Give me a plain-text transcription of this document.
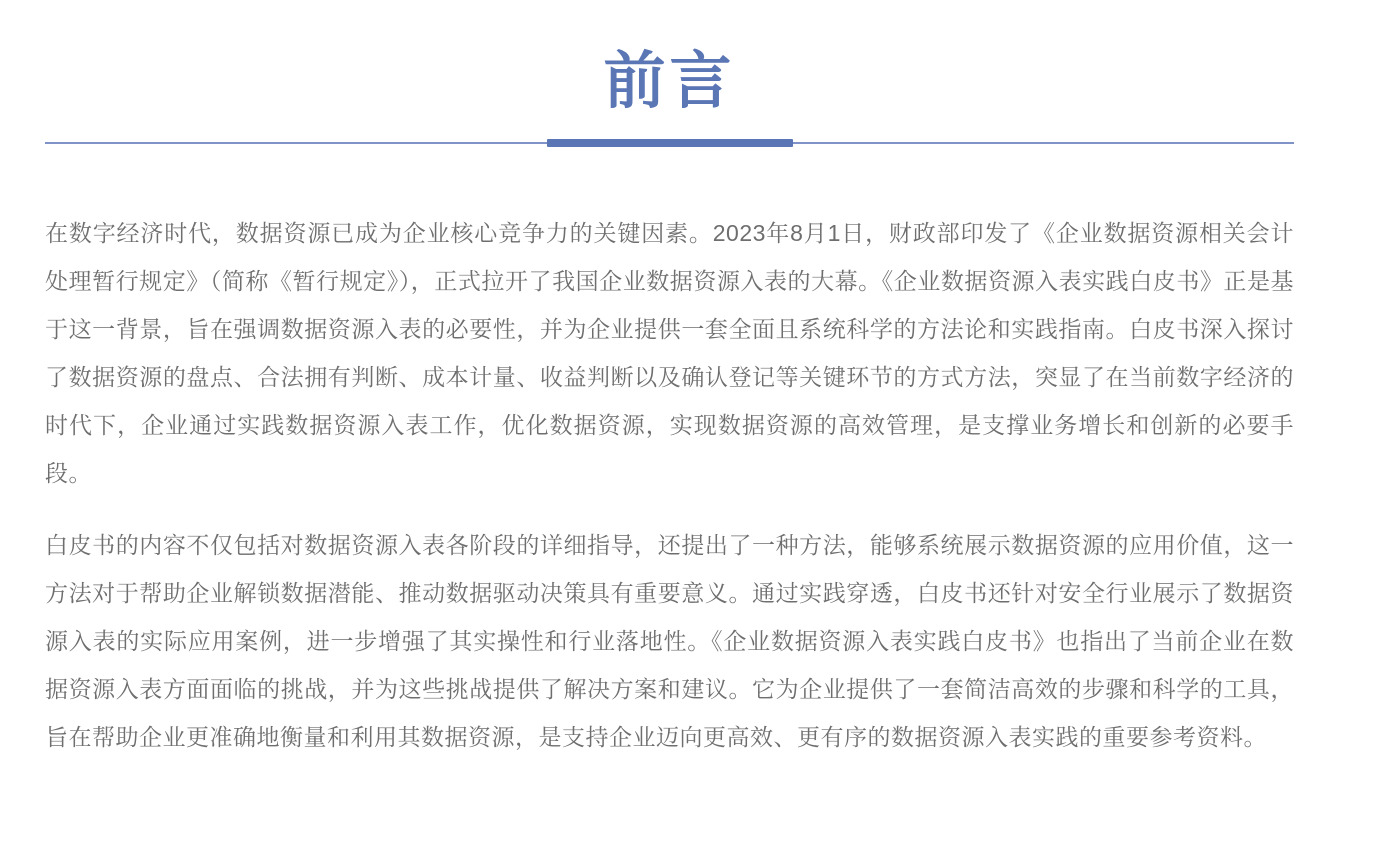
前言

在数字经济时代，数据资源已成为企业核心竞争力的关键因素。2023年8月1日，财政部印发了《企业数据资源相关会计处理暂行规定》（简称《暂行规定》），正式拉开了我国企业数据资源入表的大幕。《企业数据资源入表实践白皮书》正是基于这一背景，旨在强调数据资源入表的必要性，并为企业提供一套全面且系统科学的方法论和实践指南。白皮书深入探讨了数据资源的盘点、合法拥有判断、成本计量、收益判断以及确认登记等关键环节的方式方法，突显了在当前数字经济的时代下，企业通过实践数据资源入表工作，优化数据资源，实现数据资源的高效管理，是支撑业务增长和创新的必要手段。

白皮书的内容不仅包括对数据资源入表各阶段的详细指导，还提出了一种方法，能够系统展示数据资源的应用价值，这一方法对于帮助企业解锁数据潜能、推动数据驱动决策具有重要意义。通过实践穿透，白皮书还针对安全行业展示了数据资源入表的实际应用案例，进一步增强了其实操性和行业落地性。《企业数据资源入表实践白皮书》也指出了当前企业在数据资源入表方面面临的挑战，并为这些挑战提供了解决方案和建议。它为企业提供了一套简洁高效的步骤和科学的工具，旨在帮助企业更准确地衡量和利用其数据资源，是支持企业迈向更高效、更有序的数据资源入表实践的重要参考资料。
